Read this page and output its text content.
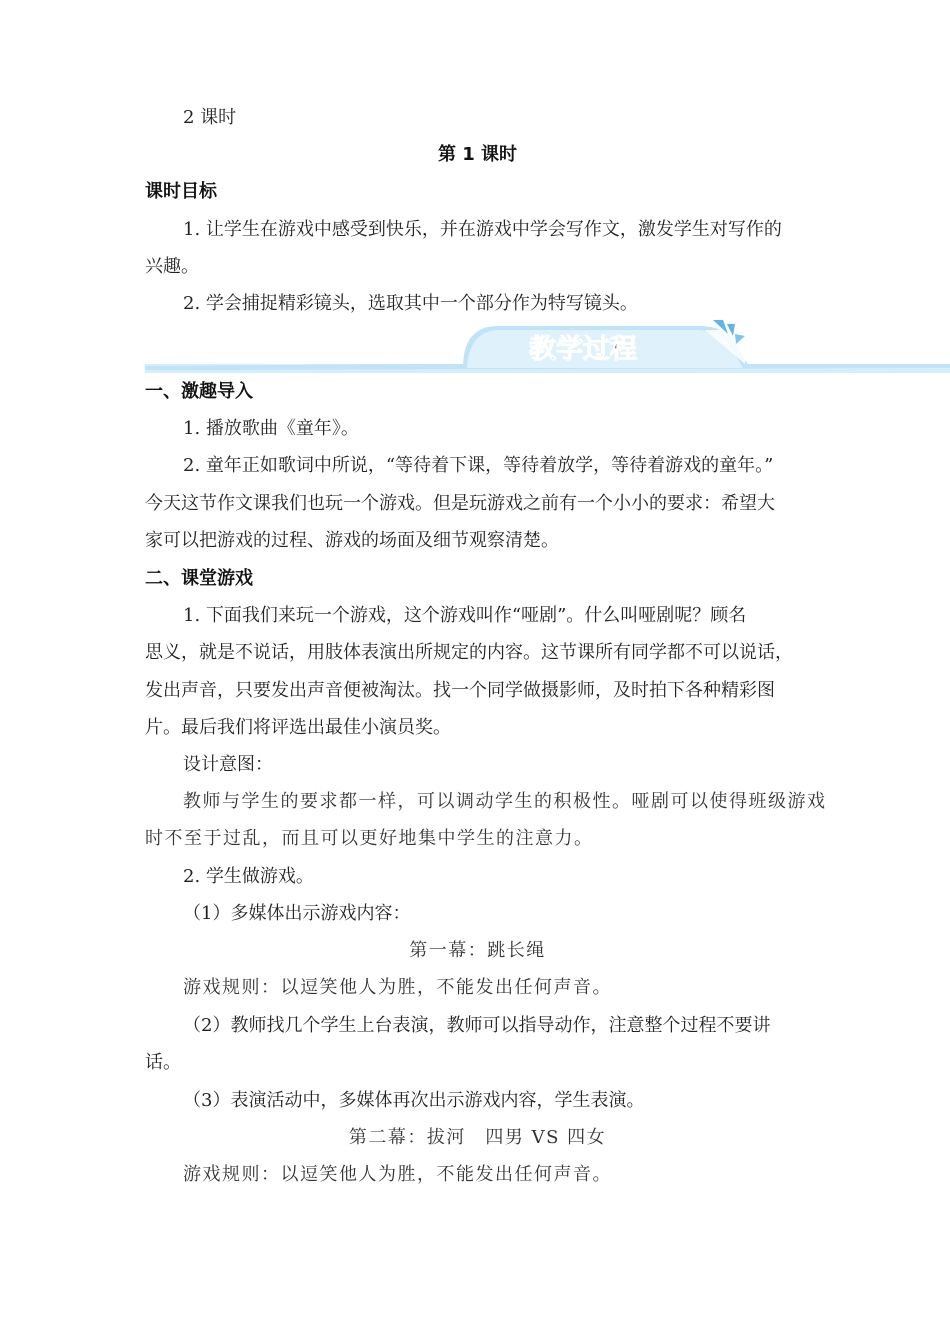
2 课时
第 1 课时
课时目标
1. 让学生在游戏中感受到快乐，并在游戏中学会写作文，激发学生对写作的
兴趣。
2. 学会捕捉精彩镜头，选取其中一个部分作为特写镜头。
教学过程
一、激趣导入
1. 播放歌曲《童年》。
2. 童年正如歌词中所说，“等待着下课，等待着放学，等待着游戏的童年。”
今天这节作文课我们也玩一个游戏。但是玩游戏之前有一个小小的要求：希望大
家可以把游戏的过程、游戏的场面及细节观察清楚。
二、课堂游戏
1. 下面我们来玩一个游戏，这个游戏叫作“哑剧”。什么叫哑剧呢？顾名
思义，就是不说话，用肢体表演出所规定的内容。这节课所有同学都不可以说话，
发出声音，只要发出声音便被淘汰。找一个同学做摄影师，及时拍下各种精彩图
片。最后我们将评选出最佳小演员奖。
设计意图：
教师与学生的要求都一样，可以调动学生的积极性。哑剧可以使得班级游戏
时不至于过乱，而且可以更好地集中学生的注意力。
2. 学生做游戏。
（1）多媒体出示游戏内容：
第一幕：跳长绳
游戏规则：以逗笑他人为胜，不能发出任何声音。
（2）教师找几个学生上台表演，教师可以指导动作，注意整个过程不要讲
话。
（3）表演活动中，多媒体再次出示游戏内容，学生表演。
第二幕：拔河　四男 VS 四女
游戏规则：以逗笑他人为胜，不能发出任何声音。
